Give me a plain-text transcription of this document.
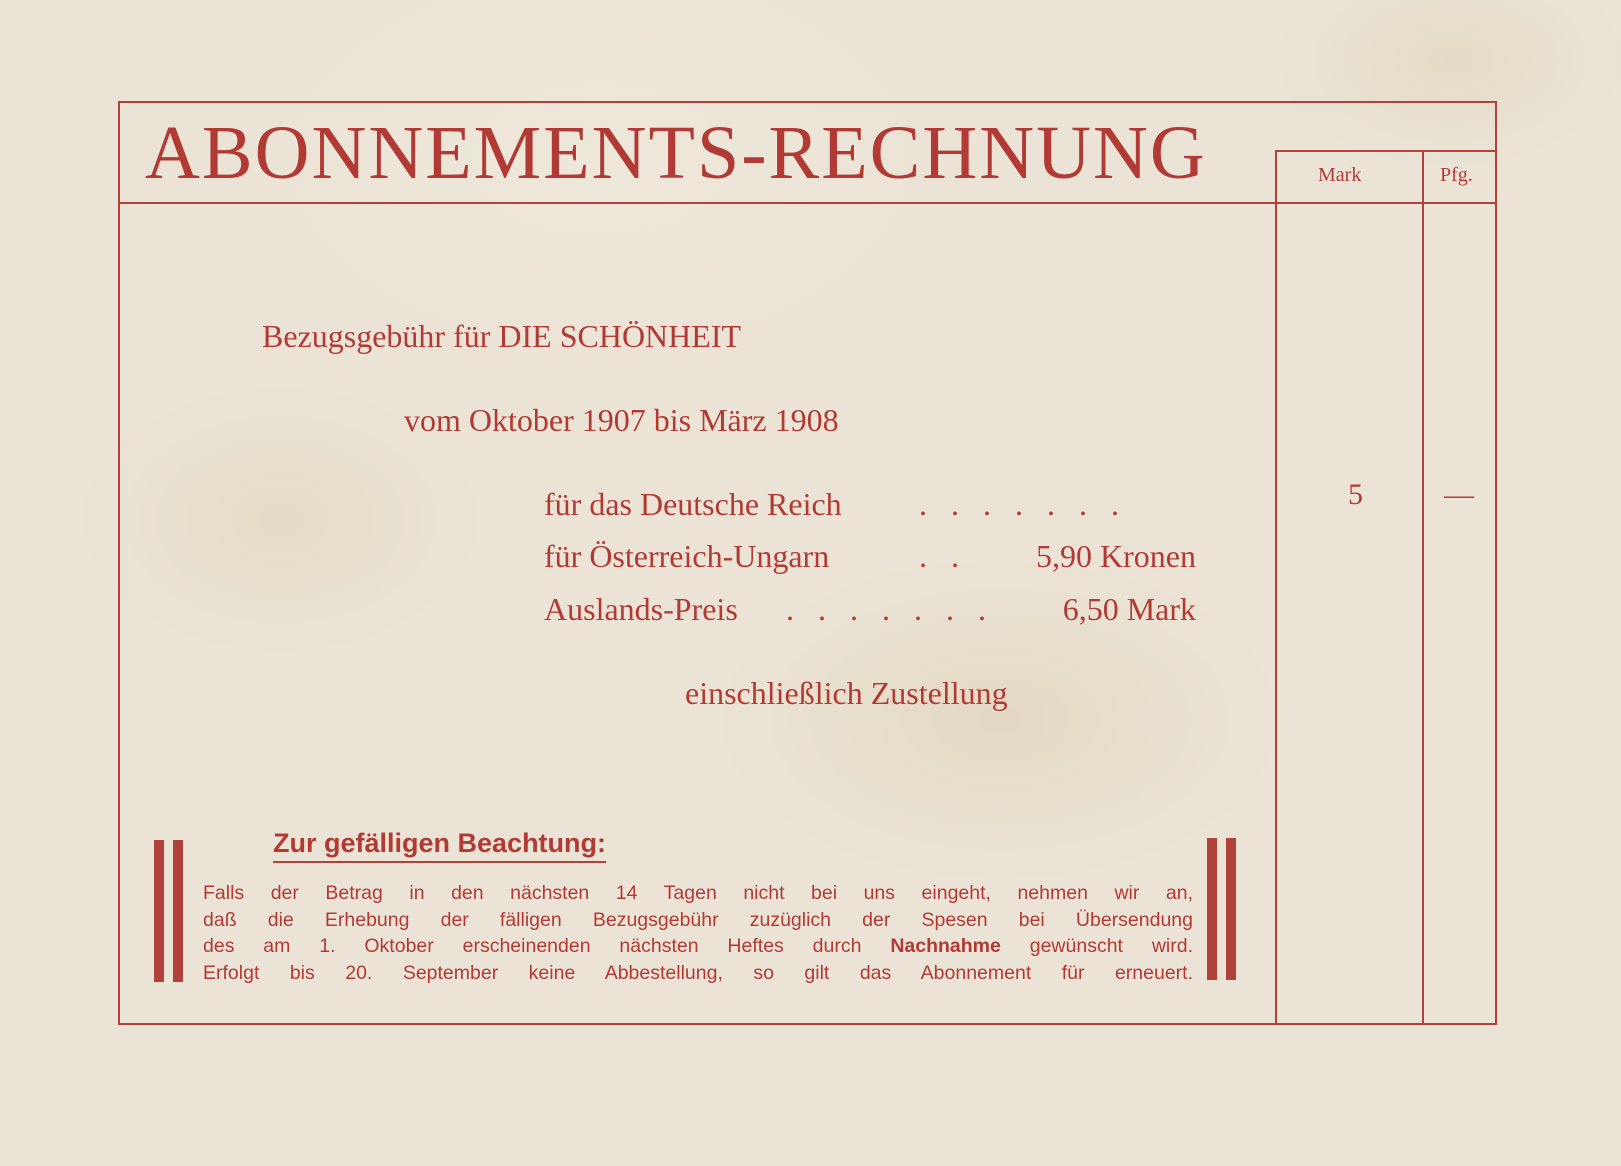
ABONNEMENTS-RECHNUNG	Mark	Pfg.
Bezugsgebühr für DIE SCHÖNHEIT
vom Oktober 1907 bis März 1908
für das Deutsche Reich . . . . . . .
für Österreich-Ungarn	. . 5,90 Kronen
Auslands-Preis . . . . . . . 6,50 Mark
einschließlich Zustellung
5	—
Zur gefälligen Beachtung:
Falls der Betrag in den nächsten 14 Tagen nicht bei uns eingeht, nehmen wir an,
daß die Erhebung der fälligen Bezugsgebühr zuzüglich der Spesen bei Übersendung
des am 1. Oktober erscheinenden nächsten Heftes durch Nachnahme gewünscht wird.
Erfolgt bis 20. September keine Abbestellung, so gilt das Abonnement für erneuert.
